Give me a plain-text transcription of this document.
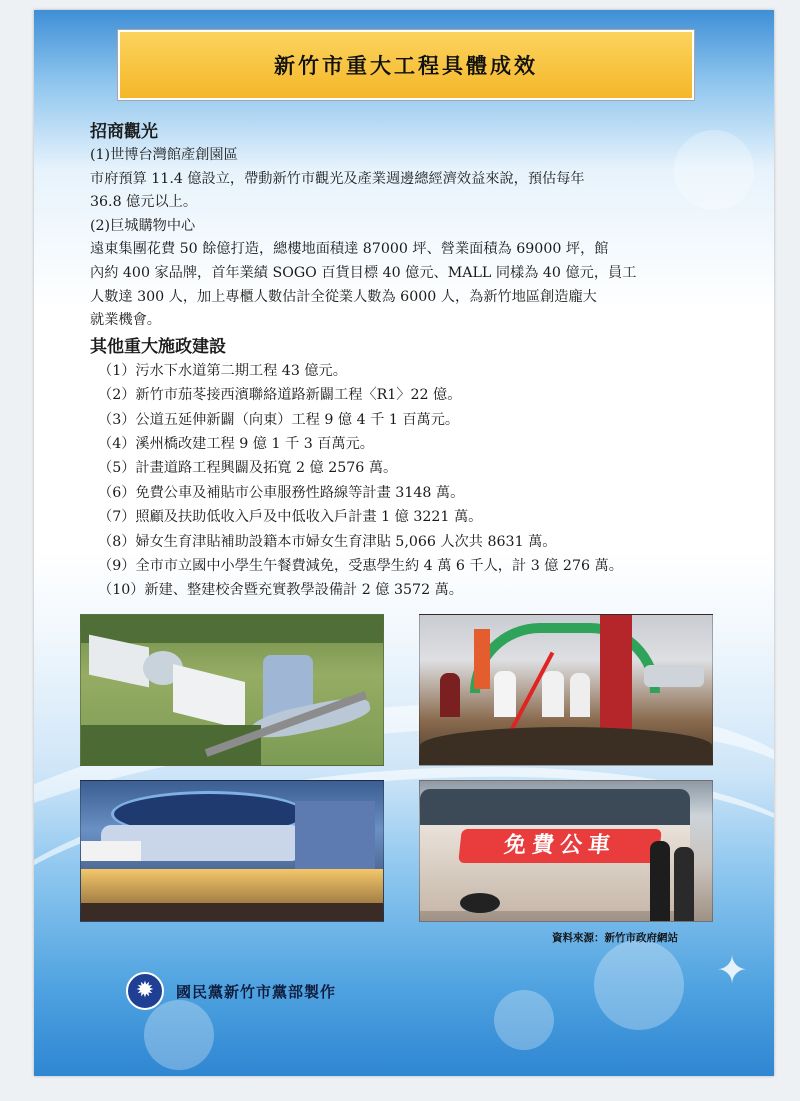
✦
新竹市重大工程具體成效
招商觀光
(1)世博台灣館產創園區
市府預算 11.4 億設立，帶動新竹市觀光及產業週邊總經濟效益來說，預估每年
36.8 億元以上。
(2)巨城購物中心
遠東集團花費 50 餘億打造，總樓地面積達 87000 坪、營業面積為 69000 坪，館
內約 400 家品牌，首年業績 SOGO 百貨目標 40 億元、MALL 同樣為 40 億元，員工
人數達 300 人，加上專櫃人數估計全從業人數為 6000 人，為新竹地區創造龐大
就業機會。
其他重大施政建設
（1）污水下水道第二期工程 43 億元。
（2）新竹市茄苳接西濱聯絡道路新闢工程〈R1〉22 億。
（3）公道五延伸新闢（向東）工程 9 億 4 千 1 百萬元。
（4）溪州橋改建工程 9 億 1 千 3 百萬元。
（5）計畫道路工程興闢及拓寬 2 億 2576 萬。
（6）免費公車及補貼市公車服務性路線等計畫 3148 萬。
（7）照顧及扶助低收入戶及中低收入戶計畫 1 億 3221 萬。
（8）婦女生育津貼補助設籍本市婦女生育津貼 5,066 人次共 8631 萬。
（9）全市市立國中小學生午餐費減免，受惠學生約 4 萬 6 千人，計 3 億 276 萬。
（10）新建、整建校舍暨充實教學設備計 2 億 3572 萬。
免費公車
資料來源：新竹市政府網站
✹	國民黨新竹市黨部製作
